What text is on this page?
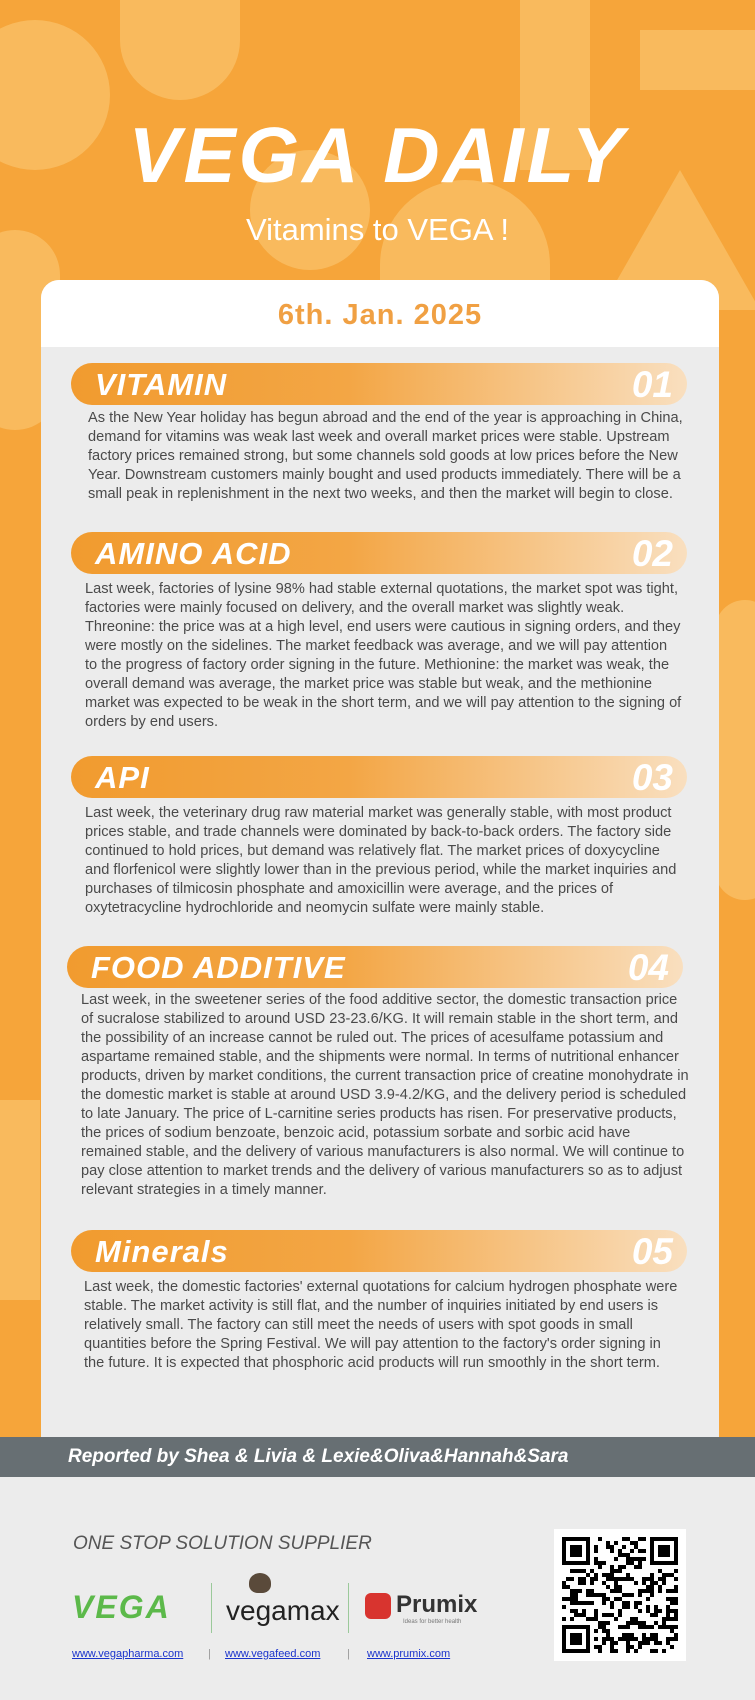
VEGA DAILY
Vitamins to VEGA !
6th. Jan. 2025
VITAMIN	01
As the New Year holiday has begun abroad and the end of the year is approaching in China, demand for vitamins was weak last week and overall market prices were stable. Upstream factory prices remained strong, but some channels sold goods at low prices before the New Year. Downstream customers mainly bought and used products immediately. There will be a small peak in replenishment in the next two weeks, and then the market will begin to close.
AMINO ACID	02
Last week, factories of lysine 98% had stable external quotations, the market spot was tight, factories were mainly focused on delivery, and the overall market was slightly weak. Threonine: the price was at a high level, end users were cautious in signing orders, and they were mostly on the sidelines. The market feedback was average, and we will pay attention to the progress of factory order signing in the future. Methionine: the market was weak, the overall demand was average, the market price was stable but weak, and the methionine market was expected to be weak in the short term, and we will pay attention to the signing of orders by end users.
API	03
Last week, the veterinary drug raw material market was generally stable, with most product prices stable, and trade channels were dominated by back-to-back orders. The factory side continued to hold prices, but demand was relatively flat. The market prices of doxycycline and florfenicol were slightly lower than in the previous period, while the market inquiries and purchases of tilmicosin phosphate and amoxicillin were average, and the prices of oxytetracycline hydrochloride and neomycin sulfate were mainly stable.
FOOD ADDITIVE	04
Last week, in the sweetener series of the food additive sector, the domestic transaction price of sucralose stabilized to around USD 23-23.6/KG. It will remain stable in the short term, and the possibility of an increase cannot be ruled out. The prices of acesulfame potassium and aspartame remained stable, and the shipments were normal. In terms of nutritional enhancer products, driven by market conditions, the current transaction price of creatine monohydrate in the domestic market is stable at around USD 3.9-4.2/KG, and the delivery period is scheduled to late January. The price of L-carnitine series products has risen. For preservative products, the prices of sodium benzoate, benzoic acid, potassium sorbate and sorbic acid have remained stable, and the delivery of various manufacturers is also normal. We will continue to pay close attention to market trends and the delivery of various manufacturers so as to adjust relevant strategies in a timely manner.
Minerals	05
Last week, the domestic factories' external quotations for calcium hydrogen phosphate were stable. The market activity is still flat, and the number of inquiries initiated by end users is relatively small. The factory can still meet the needs of users with spot goods in small quantities before the Spring Festival. We will pay attention to the factory's order signing in the future. It is expected that phosphoric acid products will run smoothly in the short term.
Reported by Shea & Livia & Lexie&Oliva&Hannah&Sara
ONE STOP SOLUTION SUPPLIER
VEGA vegamax Prumix
Ideas for better health
www.vegapharma.com | www.vegafeed.com | www.prumix.com
